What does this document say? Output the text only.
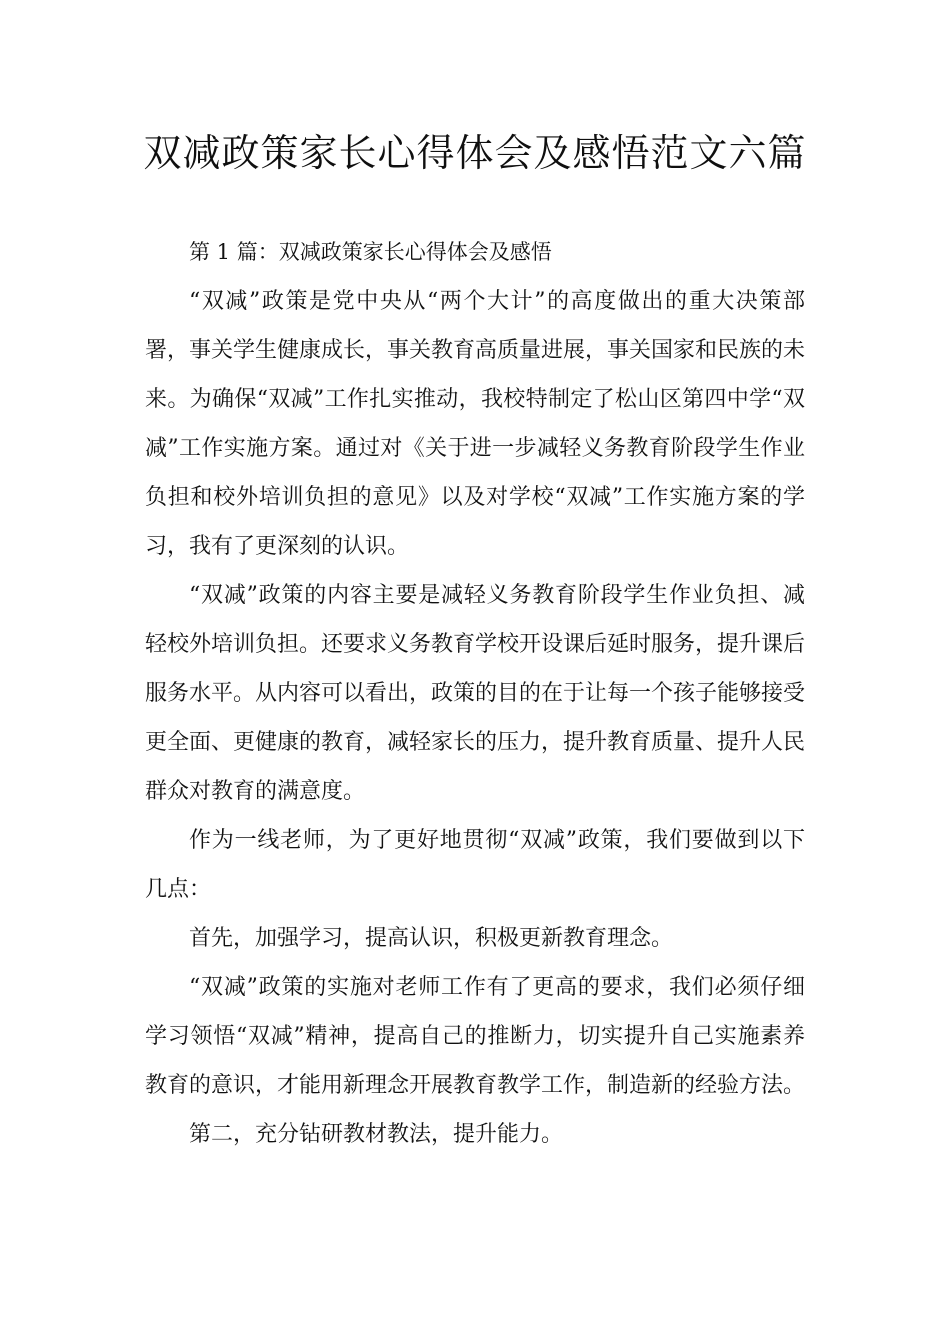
双减政策家长心得体会及感悟范文六篇

第 1 篇：双减政策家长心得体会及感悟

“双减”政策是党中央从“两个大计”的高度做出的重大决策部署，事关学生健康成长，事关教育高质量进展，事关国家和民族的未来。为确保“双减”工作扎实推动，我校特制定了松山区第四中学“双减”工作实施方案。通过对《关于进一步减轻义务教育阶段学生作业负担和校外培训负担的意见》以及对学校“双减”工作实施方案的学习，我有了更深刻的认识。

“双减”政策的内容主要是减轻义务教育阶段学生作业负担、减轻校外培训负担。还要求义务教育学校开设课后延时服务，提升课后服务水平。从内容可以看出，政策的目的在于让每一个孩子能够接受更全面、更健康的教育，减轻家长的压力，提升教育质量、提升人民群众对教育的满意度。

作为一线老师，为了更好地贯彻“双减”政策，我们要做到以下几点：

首先，加强学习，提高认识，积极更新教育理念。

“双减”政策的实施对老师工作有了更高的要求，我们必须仔细学习领悟“双减”精神，提高自己的推断力，切实提升自己实施素养教育的意识，才能用新理念开展教育教学工作，制造新的经验方法。

第二，充分钻研教材教法，提升能力。
